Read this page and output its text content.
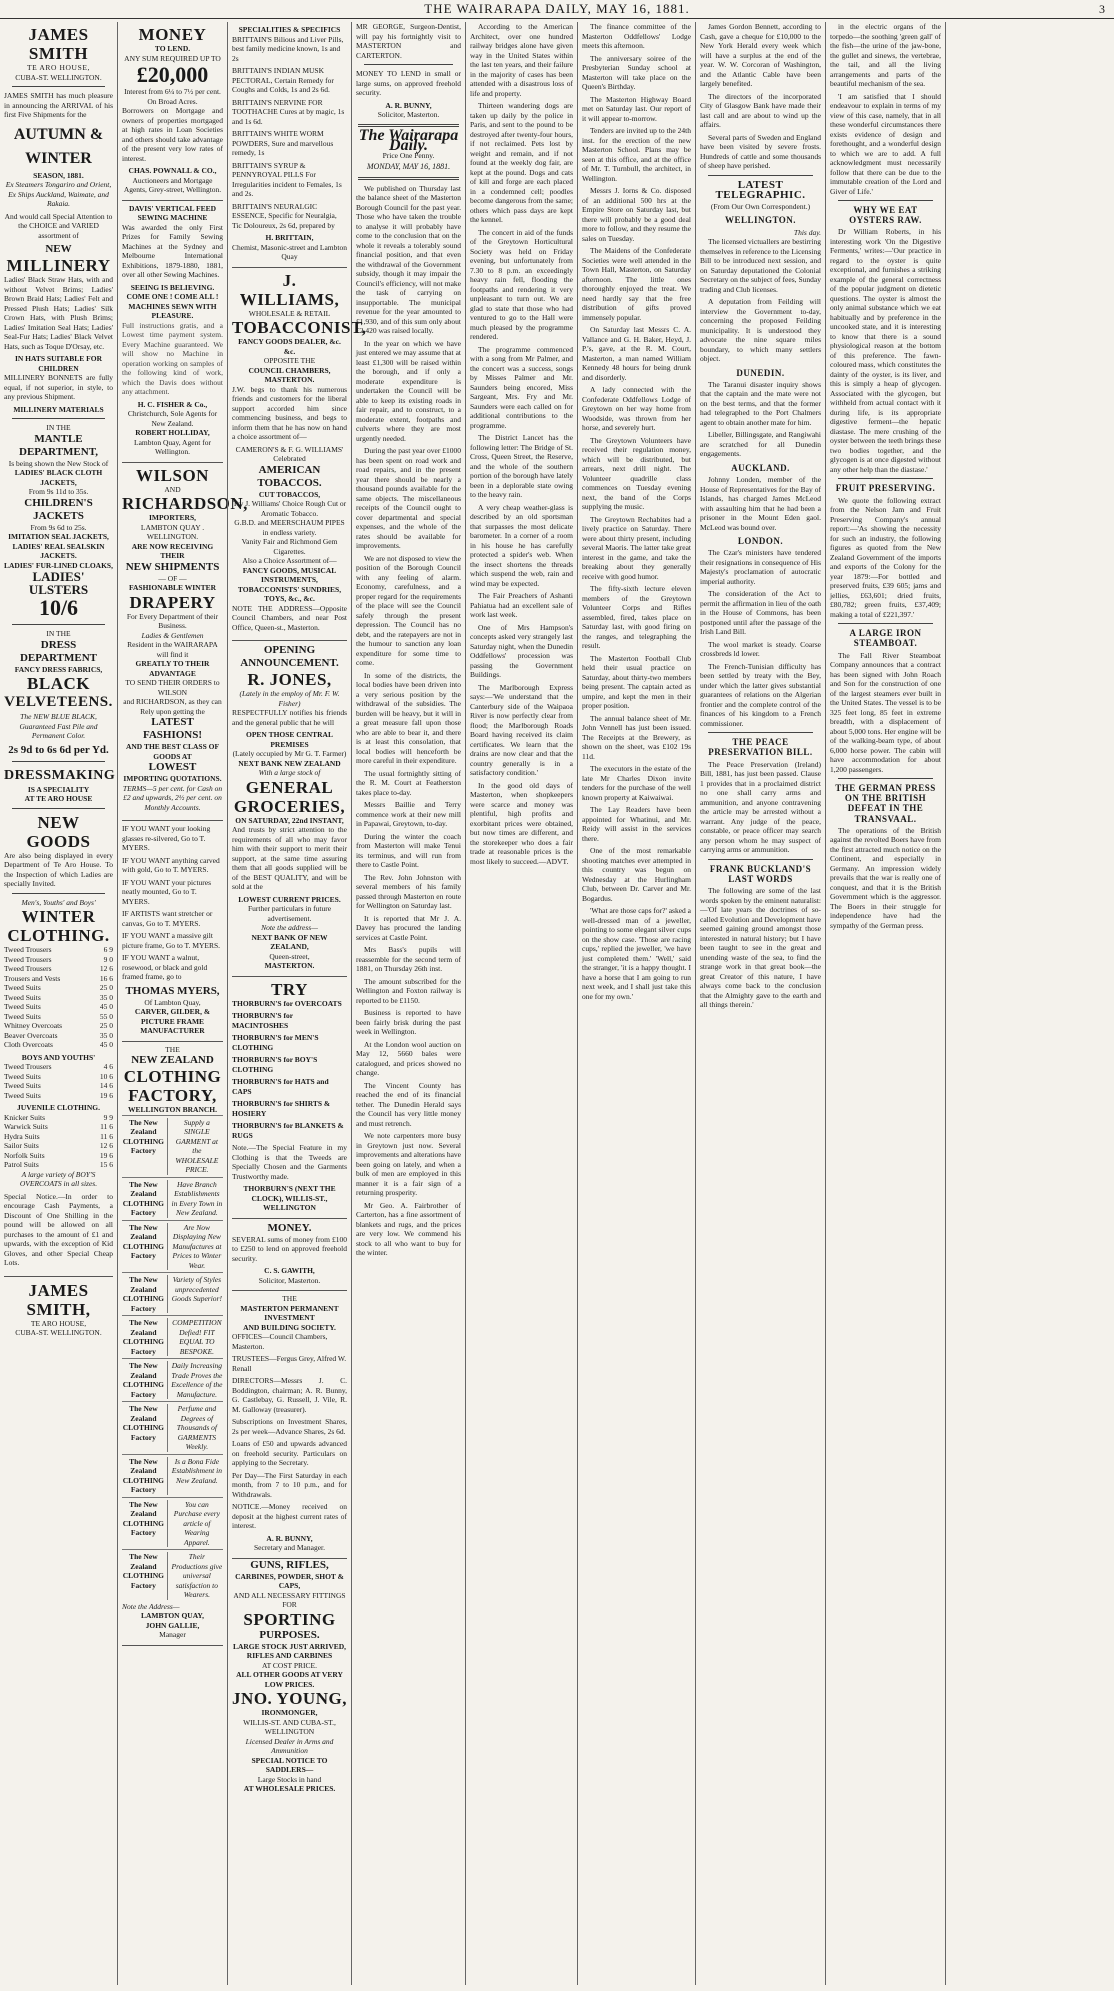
THE WAIRARAPA DAILY, MAY 16, 1881.	3
JAMES SMITH
TE ARO HOUSE,
CUBA-ST. WELLINGTON.

JAMES SMITH has much pleasure in announcing the ARRIVAL of his first Five Shipments for the

AUTUMN & WINTER
SEASON, 1881.

Ex Steamers Tongariro and Orient, Ex Ships Auckland, Waimate, and Rakaia.

And would call Special Attention to the CHOICE and VARIED assortment of

NEW
MILLINERY

Ladies' Black Straw Hats, with and without Velvet Brims; Ladies' Brown Braid Hats; Ladies' Felt and Pressed Plush Hats; Ladies' Silk Crown Hats, with Plush Brims; Ladies' Imitation Seal Hats; Ladies' Seal-Fur Hats; Ladies' Black Velvet Hats, such as Toque D'Orsay, etc.

IN HATS SUITABLE FOR CHILDREN

MILLINERY BONNETS are fully equal, if not superior, in style, to any previous Shipment.

MILLINERY MATERIALS
IN THE
MANTLE DEPARTMENT,
Is being shown the New Stock of
LADIES' BLACK CLOTH JACKETS,
From 9s 11d to 35s.
CHILDREN'S JACKETS
From 9s 6d to 25s.
IMITATION SEAL JACKETS,
LADIES' REAL SEALSKIN JACKETS.
LADIES' FUR-LINED CLOAKS,
LADIES' ULSTERS
10/6
IN THE
DRESS DEPARTMENT
FANCY DRESS FABRICS,
BLACK
VELVETEENS.

The NEW BLUE BLACK, Guaranteed Fast Pile and Permanent Color.

2s 9d to 6s 6d per Yd.
DRESSMAKING
IS A SPECIALITY
AT TE ARO HOUSE
NEW GOODS

Are also being displayed in every Department of Te Aro House. To the Inspection of which Ladies are specially Invited.

Men's, Youths' and Boys'
WINTER
CLOTHING.
Tweed Trousers	6 9
Tweed Trousers	9 0
Tweed Trousers	12 6
Trousers and Vests	16 6
Tweed Suits	25 0
Tweed Suits	35 0
Tweed Suits	45 0
Tweed Suits	55 0
Whitney Overcoats	25 0
Beaver Overcoats	35 0
Cloth Overcoats	45 0
BOYS AND YOUTHS'
Tweed Trousers	4 6
Tweed Suits	10 6
Tweed Suits	14 6
Tweed Suits	19 6
JUVENILE CLOTHING.
Knicker Suits	9 9
Warwick Suits	11 6
Hydra Suits	11 6
Sailor Suits	12 6
Norfolk Suits	19 6
Patrol Suits	15 6

A large variety of BOY'S OVERCOATS in all sizes.

Special Notice.—In order to encourage Cash Payments, a Discount of One Shilling in the pound will be allowed on all purchases to the amount of £1 and upwards, with the exception of Kid Gloves, and other Special Cheap Lots.

JAMES SMITH,
TE ARO HOUSE,
CUBA-ST. WELLINGTON.
MONEY
TO LEND.
ANY SUM REQUIRED UP TO
£20,000
Interest from 6¼ to 7½ per cent. On Broad Acres.

Borrowers on Mortgage and owners of properties mortgaged at high rates in Loan Societies and others should take advantage of the present very low rates of interest.

CHAS. POWNALL & CO.,
Auctioneers and Mortgage Agents, Grey-street, Wellington.
DAVIS' VERTICAL FEED SEWING MACHINE

Was awarded the only First Prizes for Family Sewing Machines at the Sydney and Melbourne International Exhibitions, 1879-1880, 1881, over all other Sewing Machines.

SEEING IS BELIEVING. COME ONE ! COME ALL !
MACHINES SEWN WITH PLEASURE.

Full instructions gratis, and a Lowest time payment system. Every Machine guaranteed. We will show no Machine in operation working on samples of the following kind of work, which the Davis does without any attachment.

H. C. FISHER & Co.,
Christchurch, Sole Agents for New Zealand.
ROBERT HOLLIDAY,
Lambton Quay, Agent for Wellington.
WILSON
AND
RICHARDSON,
IMPORTERS,
LAMBTON QUAY . WELLINGTON.
ARE NOW RECEIVING THEIR
NEW SHIPMENTS
— OF —
FASHIONABLE WINTER
DRAPERY
For Every Department of their Business.
Ladies & Gentlemen
Resident in the WAIRARAPA will find it
GREATLY TO THEIR ADVANTAGE
TO SEND THEIR ORDERS to WILSON
and RICHARDSON, as they can Rely upon getting the
LATEST FASHIONS!
AND THE BEST CLASS OF GOODS AT
LOWEST
IMPORTING QUOTATIONS.

TERMS—5 per cent. for Cash on £2 and upwards, 2½ per cent. on Monthly Accounts.

IF YOU WANT your looking glasses re-silvered, Go to T. MYERS.

IF YOU WANT anything carved with gold, Go to T. MYERS.

IF YOU WANT your pictures neatly mounted, Go to T. MYERS.

IF ARTISTS want stretcher or canvas, Go to T. MYERS.

IF YOU WANT a massive gilt picture frame, Go to T. MYERS.

IF YOU WANT a walnut, rosewood, or black and gold framed frame, go to

THOMAS MYERS,
Of Lambton Quay,
CARVER, GILDER, & PICTURE FRAME MANUFACTURER
THE
NEW ZEALAND
CLOTHING
FACTORY,
WELLINGTON BRANCH.
The New Zealand CLOTHING Factory
Supply a SINGLE GARMENT at the WHOLESALE PRICE.
The New Zealand CLOTHING Factory
Have Branch Establishments in Every Town in New Zealand.
The New Zealand CLOTHING Factory
Are Now Displaying New Manufactures at Prices to Winter Wear.
The New Zealand CLOTHING Factory
Variety of Styles unprecedented Goods Superior!
The New Zealand CLOTHING Factory
COMPETITION Defied! FIT EQUAL TO BESPOKE.
The New Zealand CLOTHING Factory
Daily Increasing Trade Proves the Excellence of the Manufacture.
The New Zealand CLOTHING Factory
Perfume and Degrees of Thousands of GARMENTS Weekly.
The New Zealand CLOTHING Factory
Is a Bona Fide Establishment in New Zealand.
The New Zealand CLOTHING Factory
You can Purchase every article of Wearing Apparel.
The New Zealand CLOTHING Factory
Their Productions give universal satisfaction to Wearers.
Note the Address—
LAMBTON QUAY,
JOHN GALLIE,
Manager
SPECIALITIES & SPECIFICS

BRITTAIN'S Bilious and Liver Pills, best family medicine known, 1s and 2s

BRITTAIN'S INDIAN MUSK PECTORAL, Certain Remedy for Coughs and Colds, 1s and 2s 6d.

BRITTAIN'S NERVINE FOR TOOTHACHE Cures at by magic, 1s and 1s 6d.

BRITTAIN'S WHITE WORM POWDERS, Sure and marvellous remedy, 1s

BRITTAIN'S SYRUP & PENNYROYAL PILLS For Irregularities incident to Females, 1s and 2s.

BRITTAIN'S NEURALGIC ESSENCE, Specific for Neuralgia, Tic Doloureux, 2s 6d, prepared by

H. BRITTAIN,
Chemist, Masonic-street and Lambton Quay
J. WILLIAMS,
WHOLESALE & RETAIL
TOBACCONIST,
FANCY GOODS DEALER, &c. &c.
OPPOSITE THE
COUNCIL CHAMBERS,
MASTERTON.

J.W. begs to thank his numerous friends and customers for the liberal support accorded him since commencing business, and begs to inform them that he has now on hand a choice assortment of—

CAMERON'S & F. G. WILLIAMS' Celebrated
AMERICAN TOBACCOS.
CUT TOBACCOS,
Try J. Williams' Choice Rough Cut or Aromatic Tobacco.
G.B.D. and MEERSCHAUM PIPES in endless variety.
Vanity Fair and Richmond Gem Cigarettes.
Also a Choice Assortment of—
FANCY GOODS, MUSICAL INSTRUMENTS, TOBACCONISTS' SUNDRIES, TOYS, &c., &c.

NOTE THE ADDRESS—Opposite Council Chambers, and near Post Office, Queen-st., Masterton.

OPENING ANNOUNCEMENT.
R. JONES,
(Lately in the employ of Mr. F. W. Fisher)

RESPECTFULLY notifies his friends and the general public that he will

OPEN THOSE CENTRAL PREMISES
(Lately occupied by Mr G. T. Farmer)
NEXT BANK NEW ZEALAND
With a large stock of
GENERAL
GROCERIES,
ON SATURDAY, 22nd INSTANT,

And trusts by strict attention to the requirements of all who may favor him with their support to merit their support, at the same time assuring them that all goods supplied will be of the BEST QUALITY, and will be sold at the

LOWEST CURRENT PRICES.
Further particulars in future advertisement.
Note the address—
NEXT BANK OF NEW ZEALAND,
Queen-street,
MASTERTON.
TRY

THORBURN'S for OVERCOATS

THORBURN'S for MACINTOSHES

THORBURN'S for MEN'S CLOTHING

THORBURN'S for BOY'S CLOTHING

THORBURN'S for HATS and CAPS

THORBURN'S for SHIRTS & HOSIERY

THORBURN'S for BLANKETS & RUGS

Note.—The Special Feature in my Clothing is that the Tweeds are Specially Chosen and the Garments Trustworthy made.

THORBURN'S (NEXT THE CLOCK), WILLIS-ST., WELLINGTON
MONEY.

SEVERAL sums of money from £100 to £250 to lend on approved freehold security.

C. S. GAWITH,
Solicitor, Masterton.
THE
MASTERTON PERMANENT INVESTMENT
AND BUILDING SOCIETY.

OFFICES—Council Chambers, Masterton.

TRUSTEES—Fergus Grey, Alfred W. Renall

DIRECTORS—Messrs J. C. Boddington, chairman; A. R. Bunny, G. Castlebay, G. Russell, J. Vile, R. M. Galloway (treasurer).

Subscriptions on Investment Shares, 2s per week—Advance Shares, 2s 6d.

Loans of £50 and upwards advanced on freehold security. Particulars on applying to the Secretary.

Per Day—The First Saturday in each month, from 7 to 10 p.m., and for Withdrawals.

NOTICE.—Money received on deposit at the highest current rates of interest.

A. R. BUNNY,
Secretary and Manager.
GUNS, RIFLES,
CARBINES, POWDER, SHOT & CAPS,
AND ALL NECESSARY FITTINGS FOR
SPORTING
PURPOSES.
LARGE STOCK JUST ARRIVED,
RIFLES AND CARBINES
AT COST PRICE.
ALL OTHER GOODS AT VERY LOW PRICES.
JNO. YOUNG,
IRONMONGER,
WILLIS-ST. AND CUBA-ST., WELLINGTON
Licensed Dealer in Arms and Ammunition
SPECIAL NOTICE TO SADDLERS—
Large Stocks in hand
AT WHOLESALE PRICES.

MR GEORGE, Surgeon-Dentist, will pay his fortnightly visit to MASTERTON and CARTERTON.

MONEY TO LEND in small or large sums, on approved freehold security.

A. R. BUNNY,
Solicitor, Masterton.
The Wairarapa Daily.
Price One Penny.
MONDAY, MAY 16, 1881.

We published on Thursday last the balance sheet of the Masterton Borough Council for the past year. Those who have taken the trouble to analyse it will probably have come to the conclusion that on the whole it reveals a tolerably sound financial position, and that even the withdrawal of the Government subsidy, though it may impair the Council's efficiency, will not make the task of carrying on insupportable. The municipal revenue for the year amounted to £1,930, and of this sum only about £2,420 was raised locally.

In the year on which we have just entered we may assume that at least £1,300 will be raised within the borough, and if only a moderate expenditure is undertaken the Council will be able to keep its existing roads in fair repair, and to construct, to a moderate extent, footpaths and culverts where they are most urgently needed.

During the past year over £1000 has been spent on road work and road repairs, and in the present year there should be nearly a thousand pounds available for the same objects. The miscellaneous receipts of the Council ought to cover departmental and special expenses, and the whole of the rates should be available for improvements.

We are not disposed to view the position of the Borough Council with any feeling of alarm. Economy, carefulness, and a proper regard for the requirements of the place will see the Council safely through the present depression. The Council has no debt, and the ratepayers are not in the humour to sanction any loan expenditure for some time to come.

In some of the districts, the local bodies have been driven into a very serious position by the withdrawal of the subsidies. The burden will be heavy, but it will in a great measure fall upon those who are able to bear it, and there is at least this consolation, that local bodies will henceforth be more careful in their expenditure.

The usual fortnightly sitting of the R. M. Court at Featherston takes place to-day.

Messrs Baillie and Terry commence work at their new mill in Papawai, Greytown, to-day.

During the winter the coach from Masterton will make Tenui its terminus, and will run from there to Castle Point.

The Rev. John Johnston with several members of his family passed through Masterton en route for Wellington on Saturday last.

It is reported that Mr J. A. Davey has procured the landing services at Castle Point.

Mrs Bass's pupils will reassemble for the second term of 1881, on Thursday 26th inst.

The amount subscribed for the Wellington and Foxton railway is reported to be £1150.

Business is reported to have been fairly brisk during the past week in Wellington.

At the London wool auction on May 12, 5660 bales were catalogued, and prices showed no change.

The Vincent County has reached the end of its financial tether. The Dunedin Herald says the Council has very little money and must retrench.

We note carpenters more busy in Greytown just now. Several improvements and alterations have been going on lately, and when a bulk of men are employed in this manner it is a fair sign of a returning prosperity.

Mr Geo. A. Fairbrother of Carterton, has a fine assortment of blankets and rugs, and the prices are very low. We commend his stock to all who want to buy for the winter.

According to the American Architect, over one hundred railway bridges alone have given way in the United States within the last ten years, and their failure in the majority of cases has been attended with a disastrous loss of life and property.

Thirteen wandering dogs are taken up daily by the police in Paris, and sent to the pound to be destroyed after twenty-four hours, if not reclaimed. Pets lost by weight and remain, and if not found at the weekly dog fair, are kept at the pound. Dogs and cats of kill and forge are each placed in a condemned cell; poodles become dangerous from the same; others which pass days are kept the kennel.

The concert in aid of the funds of the Greytown Horticultural Society was held on Friday evening, but unfortunately from 7.30 to 8 p.m. an exceedingly heavy rain fell, flooding the footpaths and rendering it very unpleasant to turn out. We are glad to state that those who had ventured to go to the Hall were much pleased by the programme rendered.

The programme commenced with a song from Mr Palmer, and the concert was a success, songs by Misses Palmer and Mr. Saunders being encored, Miss Sargeant, Mrs. Fry and Mr. Saunders were each called on for additional contributions to the programme.

The District Lancet has the following letter: The Bridge of St. Cross, Queen Street, the Reserve, and the whole of the southern portion of the borough have lately been in a deplorable state owing to the heavy rain.

A very cheap weather-glass is described by an old sportsman that surpasses the most delicate barometer. In a corner of a room in his house he has carefully protected a spider's web. When the insect shortens the threads which suspend the web, rain and wind may be expected.

The Fair Preachers of Ashanti Pahiatua had an excellent sale of work last week.

One of Mrs Hampson's concepts asked very strangely last Saturday night, when the Dunedin Oddfellows' procession was passing the Government Buildings.

The Marlborough Express says:—'We understand that the Canterbury side of the Waipaoa River is now perfectly clear from flood; the Marlborough Roads Board having received its claim certificates. We learn that the drains are now clear and that the country generally is in a satisfactory condition.'

In the good old days of Masterton, when shopkeepers were scarce and money was plentiful, high profits and exorbitant prices were obtained, but now times are different, and the storekeeper who does a fair trade at reasonable prices is the most likely to succeed.—ADVT.

The finance committee of the Masterton Oddfellows' Lodge meets this afternoon.

The anniversary soiree of the Presbyterian Sunday school at Masterton will take place on the Queen's Birthday.

The Masterton Highway Board met on Saturday last. Our report of it will appear to-morrow.

Tenders are invited up to the 24th inst. for the erection of the new Masterton School. Plans may be seen at this office, and at the office of Mr. T. Turnbull, the architect, in Wellington.

Messrs J. Iorns & Co. disposed of an additional 500 hrs at the Empire Store on Saturday last, but there will probably be a good deal more to follow, and they resume the sales on Tuesday.

The Maidens of the Confederate Societies were well attended in the Town Hall, Masterton, on Saturday afternoon. The little ones thoroughly enjoyed the treat. We need hardly say that the free distribution of gifts proved immensely popular.

On Saturday last Messrs C. A. Vallance and G. H. Baker, Heyd, J. P.'s, gave, at the R. M. Court, Masterton, a man named William Kennedy 48 hours for being drunk and disorderly.

A lady connected with the Confederate Oddfellows Lodge of Greytown on her way home from Woodside, was thrown from her horse, and severely hurt.

The Greytown Volunteers have received their regulation money, which will be distributed, but arrears, next drill night. The Volunteer quadrille class commences on Tuesday evening next, the band of the Corps supplying the music.

The Greytown Rechabites had a lively practice on Saturday. There were about thirty present, including several Maoris. The latter take great interest in the game, and take the breaking about they generally receive with good humor.

The fifty-sixth lecture eleven members of the Greytown Volunteer Corps and Rifles assembled, fired, takes place on Saturday last, with good firing on the ranges, and telegraphing the result.

The Masterton Football Club held their usual practice on Saturday, about thirty-two members being present. The captain acted as umpire, and kept the men in their proper position.

The annual balance sheet of Mr. John Vennell has just been issued. The Receipts at the Brewery, as shown on the sheet, was £102 19s 11d.

The executors in the estate of the late Mr Charles Dixon invite tenders for the purchase of the well known property at Kaiwaiwai.

The Lay Readers have been appointed for Whatinui, and Mr. Reidy will assist in the services there.

One of the most remarkable shooting matches ever attempted in this country was begun on Wednesday at the Hurlingham Club, between Dr. Carver and Mr. Bogardus.

'What are those caps for?' asked a well-dressed man of a jeweller, pointing to some elegant silver cups on the show case. 'Those are racing cups,' replied the jeweller, 'we have just completed them.' 'Well,' said the stranger, 'it is a happy thought. I have a horse that I am going to run next week, and I shall just take this one for my own.'

James Gordon Bennett, according to Cash, gave a cheque for £10,000 to the New York Herald every week which will have a surplus at the end of the year. W. W. Corcoran of Washington, and the Atlantic Cable have been largely benefited.

The directors of the incorporated City of Glasgow Bank have made their last call and are about to wind up the affairs.

Several parts of Sweden and England have been visited by severe frosts. Hundreds of cattle and some thousands of sheep have perished.

LATEST TELEGRAPHIC.
(From Our Own Correspondent.)
WELLINGTON.
This day.

The licensed victuallers are bestirring themselves in reference to the Licensing Bill to be introduced next session, and on Saturday deputationed the Colonial Secretary on the subject of fees, Sunday trading and Club licenses.

A deputation from Feilding will interview the Government to-day, concerning the proposed Feilding municipality. It is understood they advocate the nine square miles boundary, to which many settlers object.

DUNEDIN.

The Taranui disaster inquiry shows that the captain and the mate were not on the best terms, and that the former had telegraphed to the Port Chalmers agent to obtain another mate for him.

Libeller, Billingsgate, and Rangiwahi are scratched for all Dunedin engagements.

AUCKLAND.

Johnny Londen, member of the House of Representatives for the Bay of Islands, has charged James McLeod with assaulting him that he had been a prisoner in the Mount Eden gaol. McLeod was bound over.

LONDON.

The Czar's ministers have tendered their resignations in consequence of His Majesty's proclamation of autocratic imperial authority.

The consideration of the Act to permit the affirmation in lieu of the oath in the House of Commons, has been postponed until after the passage of the Irish Land Bill.

The wool market is steady. Coarse crossbreds ld lower.

The French-Tunisian difficulty has been settled by treaty with the Bey, under which the latter gives substantial guarantees of relations on the Algerian frontier and the complete control of the finances of his kingdom to a French commissioner.

THE PEACE PRESERVATION BILL.

The Peace Preservation (Ireland) Bill, 1881, has just been passed. Clause 1 provides that in a proclaimed district no one shall carry arms and ammunition, and anyone contravening the article may be arrested without a warrant. Any judge of the peace, constable, or peace officer may search any person whom he may suspect of carrying arms or ammunition.

FRANK BUCKLAND'S LAST WORDS

The following are some of the last words spoken by the eminent naturalist:—'Of late years the doctrines of so-called Evolution and Development have seemed gaining ground amongst those interested in natural history; but I have been taught to see in the great and unending waste of the sea, to find the strange work in that great book—the great Creator of this nature, I have always come back to the conclusion that the Almighty gave to the earth and all things therein.'

in the electric organs of the torpedo—the soothing 'green gall' of the fish—the urine of the jaw-bone, the gullet and sinews, the vertebrae, the tail, and all the living arrangements and parts of the beautiful mechanism of the sea.

'I am satisfied that I should endeavour to explain in terms of my view of this case, namely, that in all these wonderful circumstances there exists evidence of design and forethought, and a wonderful design to which we are to add. A full acknowledgment must necessarily follow that there can be due to the immutable creation of the Lord and Giver of Life.'

WHY WE EAT OYSTERS RAW.

Dr William Roberts, in his interesting work 'On the Digestive Ferments,' writes:—'Our practice in regard to the oyster is quite exceptional, and furnishes a striking example of the general correctness of the popular judgment on dietetic questions. The oyster is almost the only animal substance which we eat habitually and by preference in the uncooked state, and it is interesting to know that there is a sound physiological reason at the bottom of this preference. The fawn-coloured mass, which constitutes the dainty of the oyster, is its liver, and this is simply a heap of glycogen. Associated with the glycogen, but withheld from actual contact with it during life, is its appropriate digestive ferment—the hepatic diastase. The mere crushing of the oyster between the teeth brings these two bodies together, and the glycogen is at once digested without any other help than the diastase.'

FRUIT PRESERVING.

We quote the following extract from the Nelson Jam and Fruit Preserving Company's annual report:—'As showing the necessity for such an industry, the following figures as quoted from the New Zealand Government of the imports and exports of the Colony for the year 1879:—For bottled and preserved fruits, £39 605; jams and jellies, £63,601; dried fruits, £80,782; green fruits, £37,409; making a total of £221,397.'

A LARGE IRON STEAMBOAT.

The Fall River Steamboat Company announces that a contract has been signed with John Roach and Son for the construction of one of the largest steamers ever built in the United States. The vessel is to be 325 feet long, 85 feet in extreme breadth, with a displacement of about 5,000 tons. Her engine will be of the walking-beam type, of about 6,000 horse power. The cabin will have accommodation for about 1,200 passengers.

THE GERMAN PRESS ON THE BRITISH DEFEAT IN THE TRANSVAAL.

The operations of the British against the revolted Boers have from the first attracted much notice on the Continent, and especially in Germany. An impression widely prevails that the war is really one of conquest, and that it is the British Government which is the aggressor. The Boers in their struggle for independence have had the sympathy of the German press.
